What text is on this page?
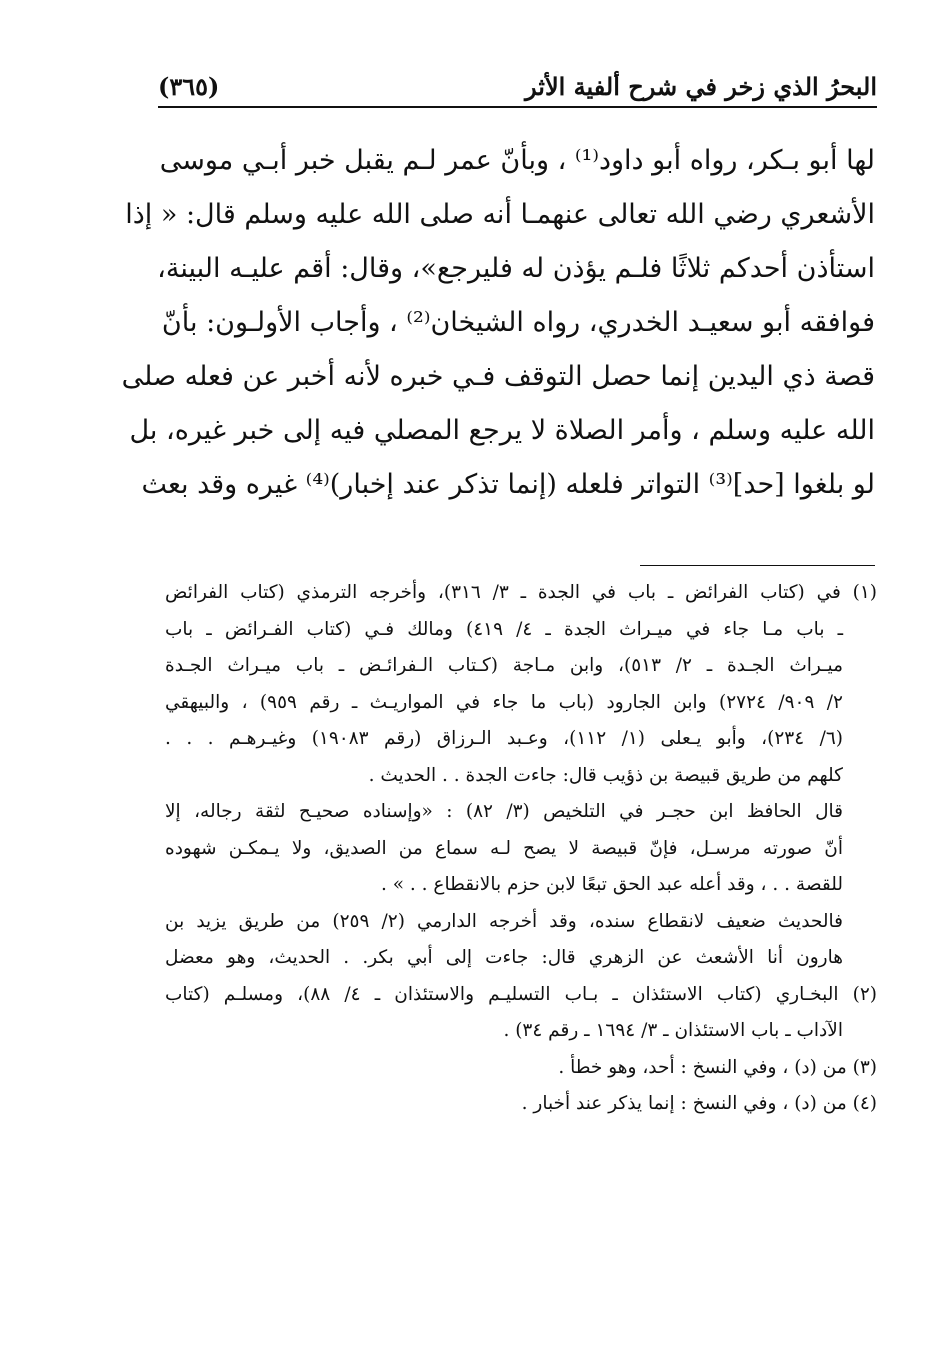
البحرُ الذي زخر في شرح ألفية الأثر
(٣٦٥)
لها أبو بـكر، رواه أبو داود⁽¹⁾ ، وبأنّ عمر لـم يقبل خبر أبـي موسى
الأشعري رضي الله تعالى عنهمـا أنه صلى الله عليه وسلم قال: « إذا
استأذن أحدكم ثلاثًا فلـم يؤذن له فليرجع»، وقال: أقم عليـه البينة،
فوافقه أبو سعيـد الخدري، رواه الشيخان⁽²⁾ ، وأجاب الأولـون: بأنّ
قصة ذي اليدين إنما حصل التوقف فـي خبره لأنه أخبر عن فعله صلى
الله عليه وسلم ، وأمر الصلاة لا يرجع المصلي فيه إلى خبر غيره، بل
لو بلغوا [حد]⁽³⁾ التواتر فلعله (إنما تذكر عند إخبار)⁽⁴⁾ غيره وقد بعث
(١) في (كتاب الفرائض ـ باب في الجدة ـ ٣/ ٣١٦)، وأخرجه الترمذي (كتاب الفرائض
ـ باب مـا جاء في ميـراث الجدة ـ ٤/ ٤١٩) ومالك فـي (كتاب الفـرائض ـ باب
ميـراث الجـدة ـ ٢/ ٥١٣)، وابن مـاجة (كـتاب الـفرائـض ـ باب ميـراث الجـدة
٢/ ٩٠٩/ ٢٧٢٤) وابن الجارود (باب ما جاء في المواريـث ـ رقم ٩٥٩) ، والبيهقي
(٦/ ٢٣٤)، وأبو يـعلى (١/ ١١٢)، وعـبد الـرزاق (رقم ١٩٠٨٣) وغيـرهـم . . .
كلهم من طريق قبيصة بن ذؤيب قال: جاءت الجدة . . الحديث .
قال الحافظ ابن حجـر في التلخيص (٣/ ٨٢) : «وإسناده صحيـح لثقة رجاله، إلا
أنّ صورته مرسـل، فإنّ قبيصة لا يصح لـه سماع من الصديق، ولا يـمكـن شهوده
للقصة . . ، وقد أعله عبد الحق تبعًا لابن حزم بالانقطاع . . » .
فالحديث ضعيف لانقطاع سنده، وقد أخرجه الدارمي (٢/ ٢٥٩) من طريق يزيد بن
هارون أنا الأشعث عن الزهري قال: جاءت إلى أبي بكر. . الحديث، وهو معضل
(٢) البخـاري (كتاب الاستئذان ـ بـاب التسليـم والاستئذان ـ ٤/ ٨٨)، ومسلـم (كتاب
الآداب ـ باب الاستئذان ـ ٣/ ١٦٩٤ ـ رقم ٣٤) .
(٣) من (د) ، وفي النسخ : أحد، وهو خطأ .
(٤) من (د) ، وفي النسخ : إنما يذكر عند أخبار .
